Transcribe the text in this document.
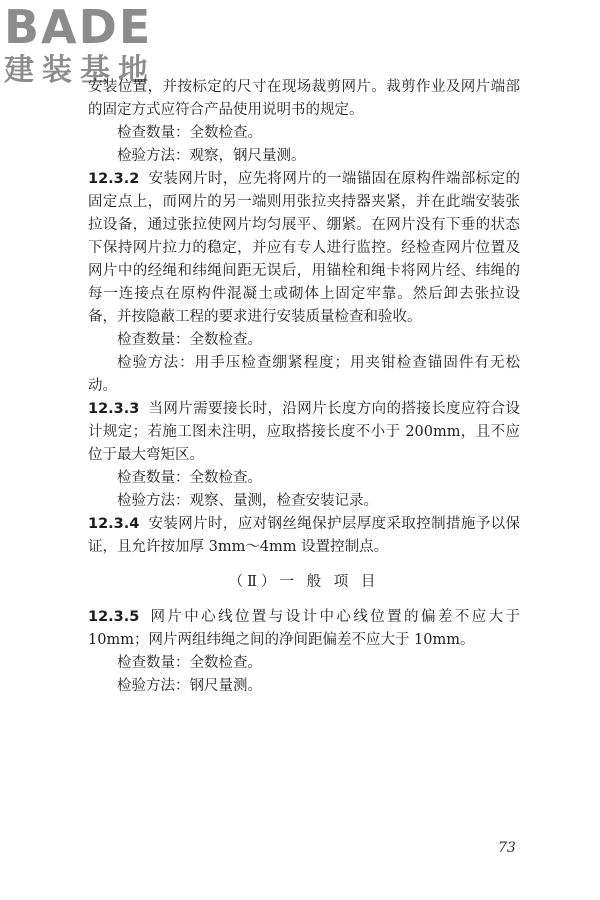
BADE
建装基地

安装位置，并按标定的尺寸在现场裁剪网片。裁剪作业及网片端部的固定方式应符合产品使用说明书的规定。

检查数量：全数检查。

检验方法：观察，钢尺量测。

12.3.2 安装网片时，应先将网片的一端锚固在原构件端部标定的固定点上，而网片的另一端则用张拉夹持器夹紧，并在此端安装张拉设备，通过张拉使网片均匀展平、绷紧。在网片没有下垂的状态下保持网片拉力的稳定，并应有专人进行监控。经检查网片位置及网片中的经绳和纬绳间距无误后，用锚栓和绳卡将网片经、纬绳的每一连接点在原构件混凝土或砌体上固定牢靠。然后卸去张拉设备，并按隐蔽工程的要求进行安装质量检查和验收。

检查数量：全数检查。

检验方法：用手压检查绷紧程度；用夹钳检查锚固件有无松动。

12.3.3 当网片需要接长时，沿网片长度方向的搭接长度应符合设计规定；若施工图未注明，应取搭接长度不小于 200mm，且不应位于最大弯矩区。

检查数量：全数检查。

检验方法：观察、量测，检查安装记录。

12.3.4 安装网片时，应对钢丝绳保护层厚度采取控制措施予以保证，且允许按加厚 3mm～4mm 设置控制点。

（Ⅱ）一 般 项 目

12.3.5 网片中心线位置与设计中心线位置的偏差不应大于 10mm；网片两组纬绳之间的净间距偏差不应大于 10mm。

检查数量：全数检查。

检验方法：钢尺量测。

73
